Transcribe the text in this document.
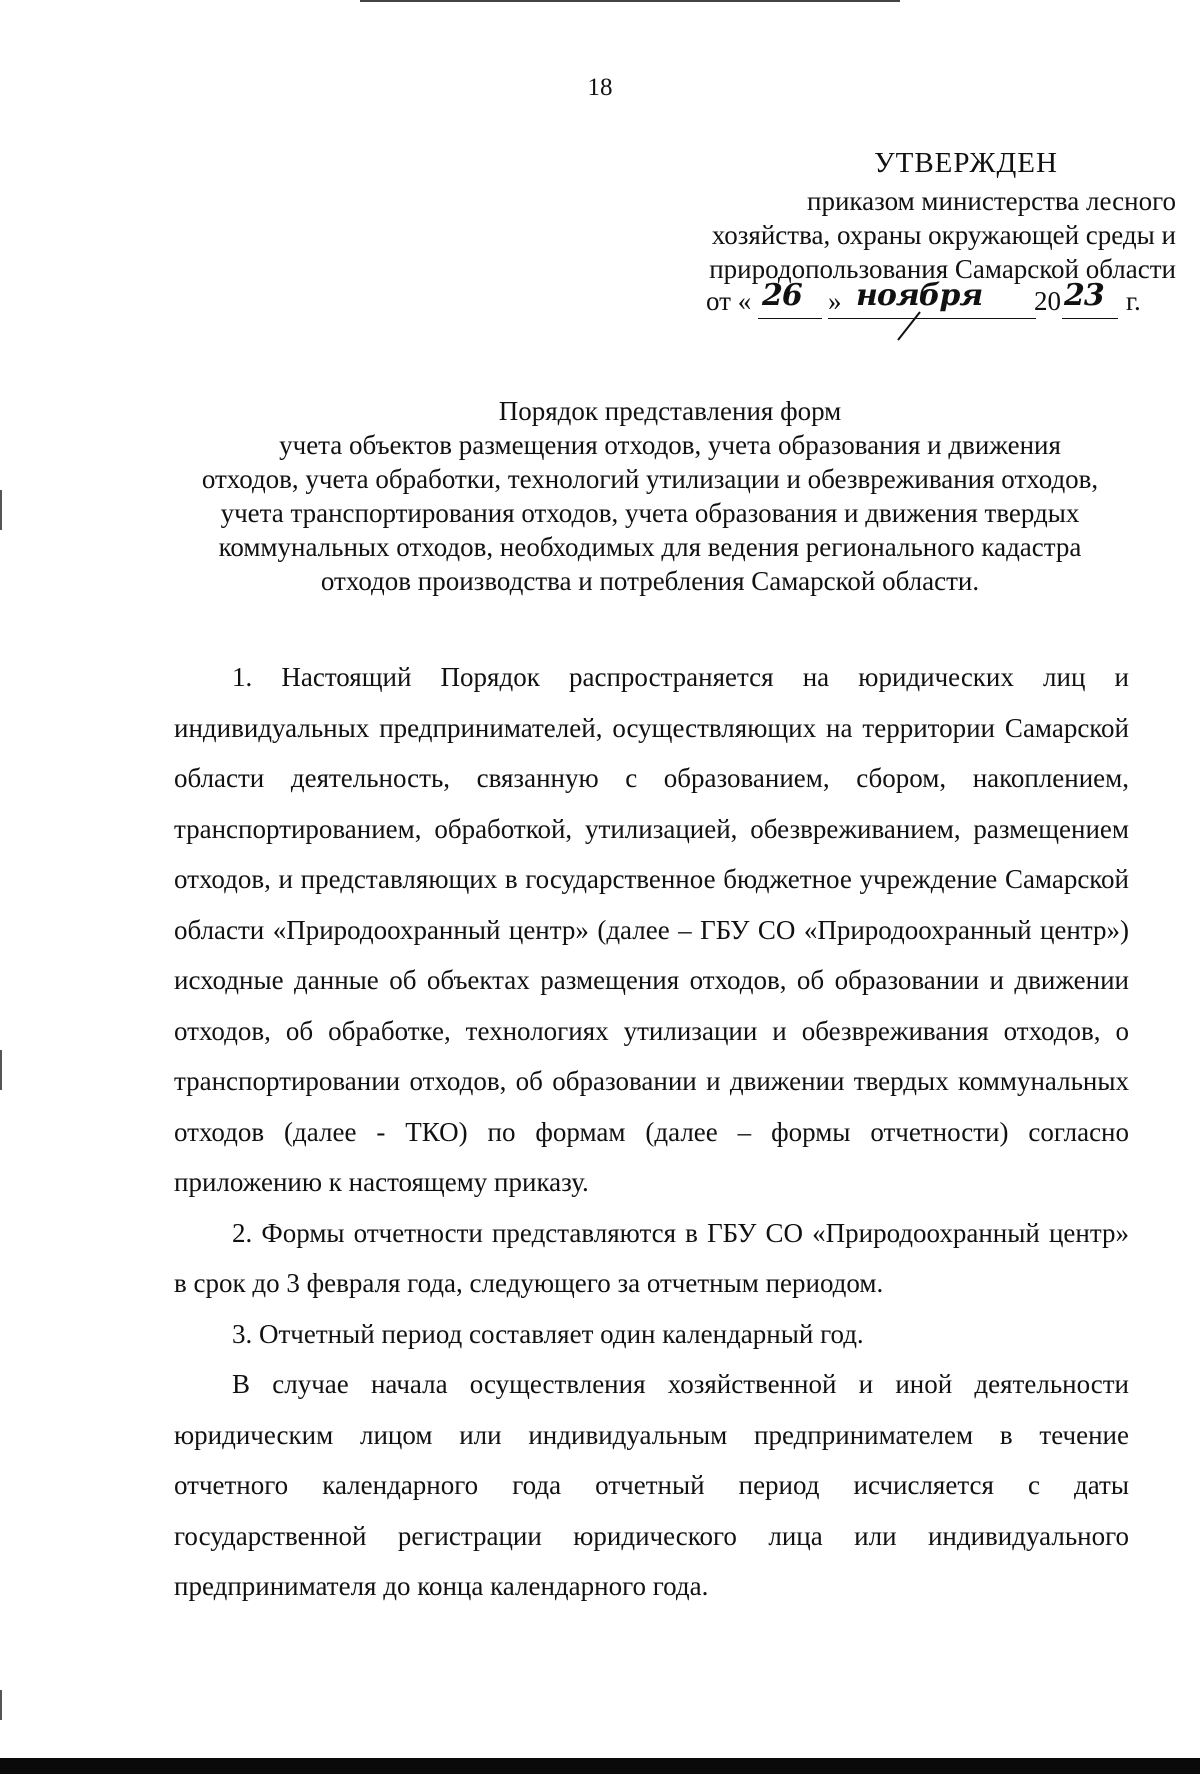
18
УТВЕРЖДЕН
приказом министерства лесного
хозяйства, охраны окружающей среды и
природопользования Самарской области
от « 26 » ноября 20 23 г.
Порядок представления форм
учета объектов размещения отходов, учета образования и движения
отходов, учета обработки, технологий утилизации и обезвреживания отходов,
учета транспортирования отходов, учета образования и движения твердых
коммунальных отходов, необходимых для ведения регионального кадастра
отходов производства и потребления Самарской области.

1. Настоящий Порядок распространяется на юридических лиц и индивидуальных предпринимателей, осуществляющих на территории Самарской области деятельность, связанную с образованием, сбором, накоплением, транспортированием, обработкой, утилизацией, обезвреживанием, размещением отходов, и представляющих в государственное бюджетное учреждение Самарской области «Природоохранный центр» (далее – ГБУ СО «Природоохранный центр») исходные данные об объектах размещения отходов, об образовании и движении отходов, об обработке, технологиях утилизации и обезвреживания отходов, о транспортировании отходов, об образовании и движении твердых коммунальных отходов (далее - ТКО) по формам (далее – формы отчетности) согласно приложению к настоящему приказу.

2. Формы отчетности представляются в ГБУ СО «Природоохранный центр» в срок до 3 февраля года, следующего за отчетным периодом.

3. Отчетный период составляет один календарный год.

В случае начала осуществления хозяйственной и иной деятельности юридическим лицом или индивидуальным предпринимателем в течение отчетного календарного года отчетный период исчисляется с даты государственной регистрации юридического лица или индивидуального предпринимателя до конца календарного года.
